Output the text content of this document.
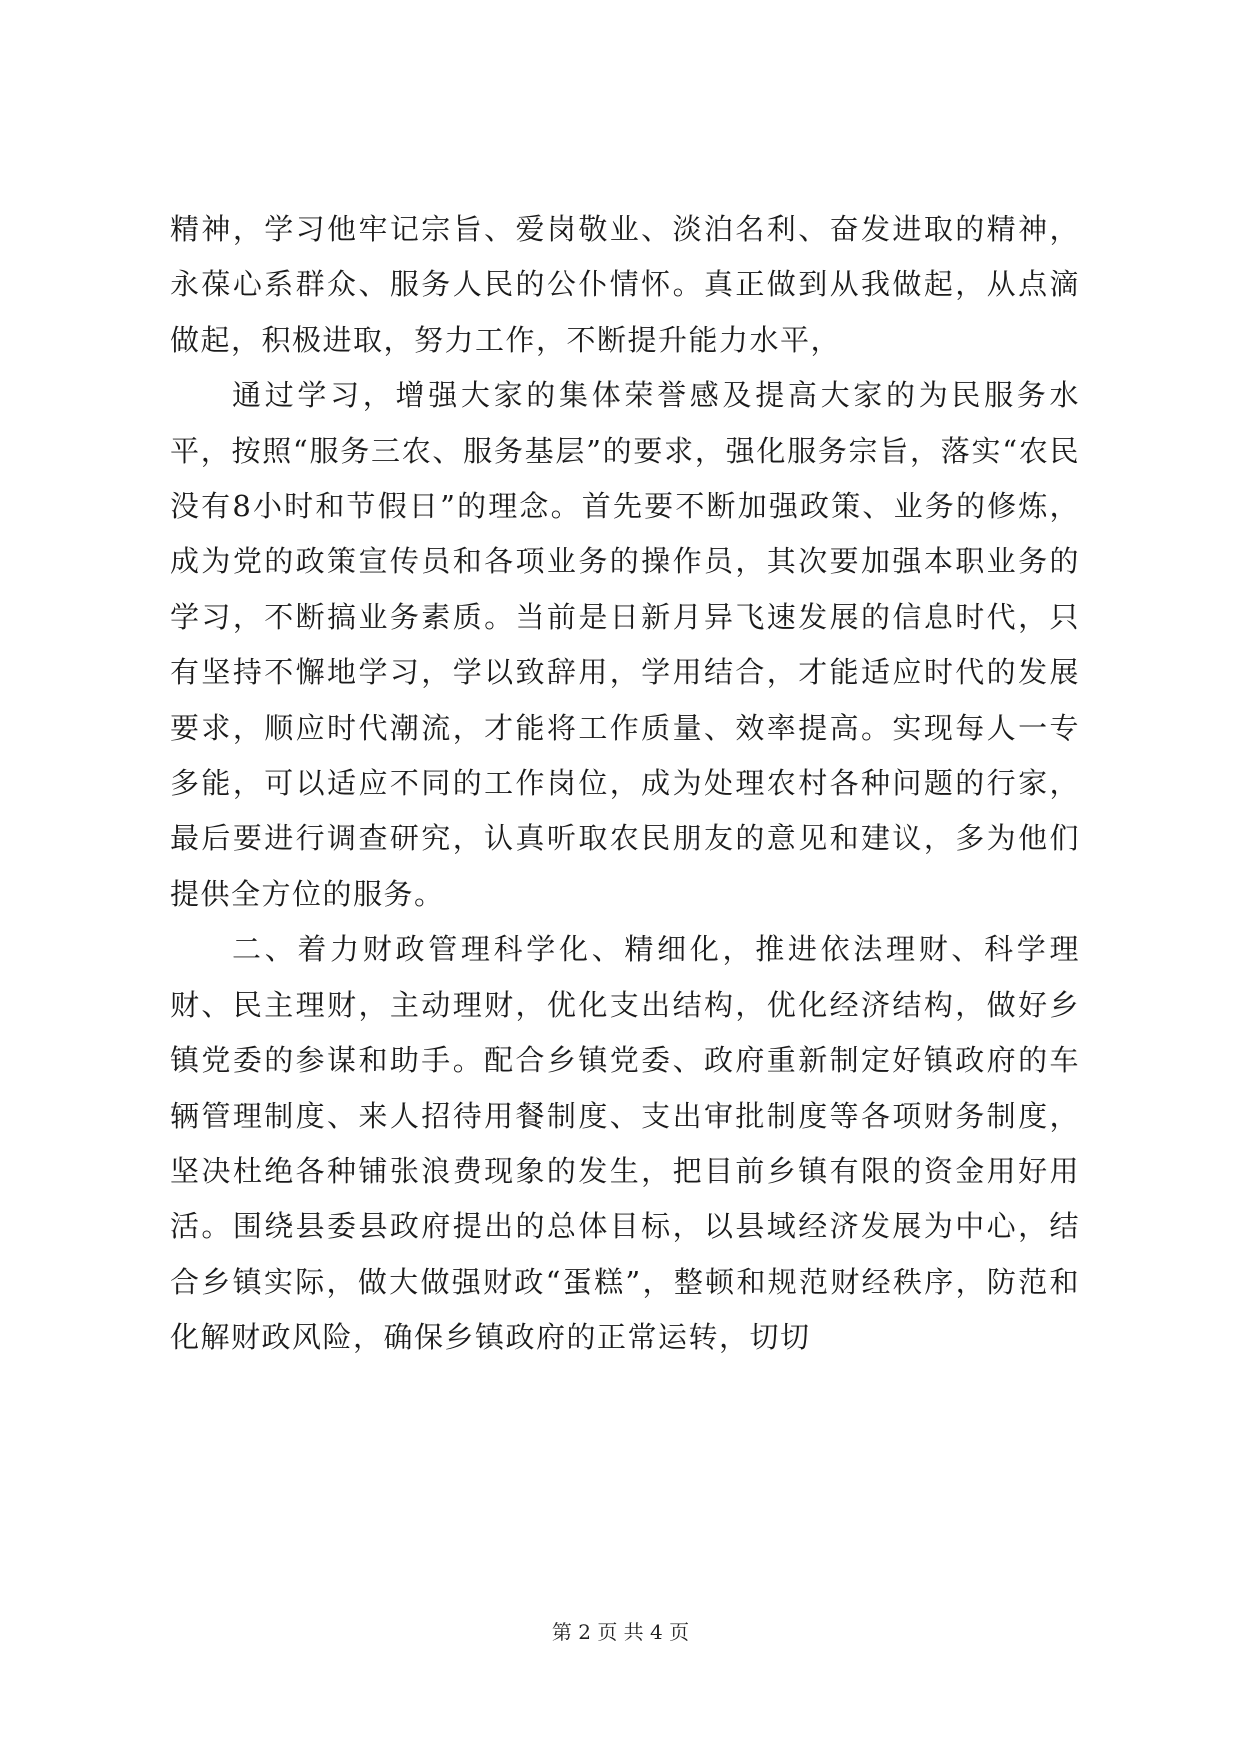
精神，学习他牢记宗旨、爱岗敬业、淡泊名利、奋发进取的精神，永葆心系群众、服务人民的公仆情怀。真正做到从我做起，从点滴做起，积极进取，努力工作，不断提升能力水平，

通过学习，增强大家的集体荣誉感及提高大家的为民服务水平，按照“服务三农、服务基层”的要求，强化服务宗旨，落实“农民没有8小时和节假日”的理念。首先要不断加强政策、业务的修炼，成为党的政策宣传员和各项业务的操作员，其次要加强本职业务的学习，不断搞业务素质。当前是日新月异飞速发展的信息时代，只有坚持不懈地学习，学以致辞用，学用结合，才能适应时代的发展要求，顺应时代潮流，才能将工作质量、效率提高。实现每人一专多能，可以适应不同的工作岗位，成为处理农村各种问题的行家，最后要进行调查研究，认真听取农民朋友的意见和建议，多为他们提供全方位的服务。

二、着力财政管理科学化、精细化，推进依法理财、科学理财、民主理财，主动理财，优化支出结构，优化经济结构，做好乡镇党委的参谋和助手。配合乡镇党委、政府重新制定好镇政府的车辆管理制度、来人招待用餐制度、支出审批制度等各项财务制度，坚决杜绝各种铺张浪费现象的发生，把目前乡镇有限的资金用好用活。围绕县委县政府提出的总体目标，以县域经济发展为中心，结合乡镇实际，做大做强财政“蛋糕”，整顿和规范财经秩序，防范和化解财政风险，确保乡镇政府的正常运转，切切

第 2 页 共 4 页
